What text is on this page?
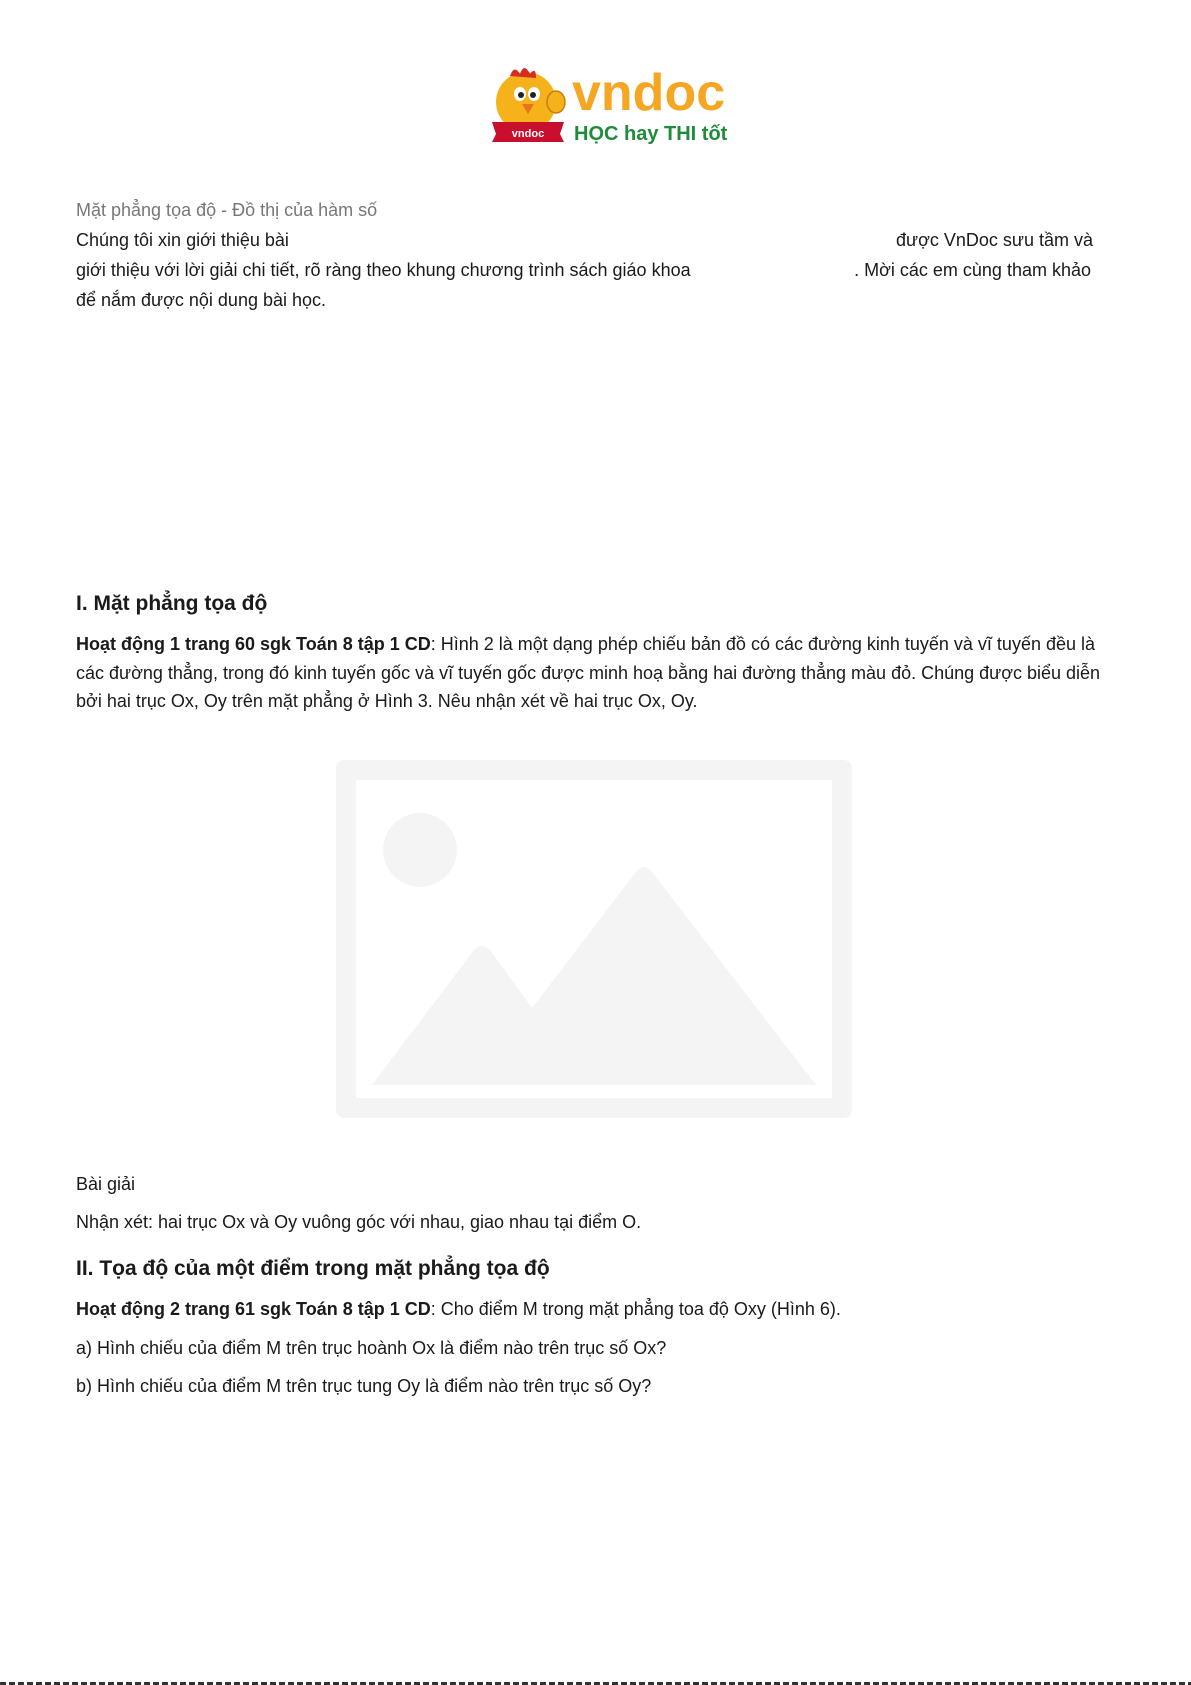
vndoc
vndoc
HỌC hay THI tốt

Mặt phẳng tọa độ - Đồ thị của hàm số

Chúng tôi xin giới thiệu bài	được VnDoc sưu tầm và

giới thiệu với lời giải chi tiết, rõ ràng theo khung chương trình sách giáo khoa	. Mời các em cùng tham khảo

để nắm được nội dung bài học.

I. Mặt phẳng tọa độ

Hoạt động 1 trang 60 sgk Toán 8 tập 1 CD: Hình 2 là một dạng phép chiếu bản đồ có các đường kinh tuyến và vĩ tuyến đều là các đường thẳng, trong đó kinh tuyến gốc và vĩ tuyến gốc được minh hoạ bằng hai đường thẳng màu đỏ. Chúng được biểu diễn bởi hai trục Ox, Oy trên mặt phẳng ở Hình 3. Nêu nhận xét về hai trục Ox, Oy.

Bài giải

Nhận xét: hai trục Ox và Oy vuông góc với nhau, giao nhau tại điểm O.

II. Tọa độ của một điểm trong mặt phẳng tọa độ

Hoạt động 2 trang 61 sgk Toán 8 tập 1 CD: Cho điểm M trong mặt phẳng toa độ Oxy (Hình 6).

a) Hình chiếu của điểm M trên trục hoành Ox là điểm nào trên trục số Ox?

b) Hình chiếu của điểm M trên trục tung Oy là điểm nào trên trục số Oy?
